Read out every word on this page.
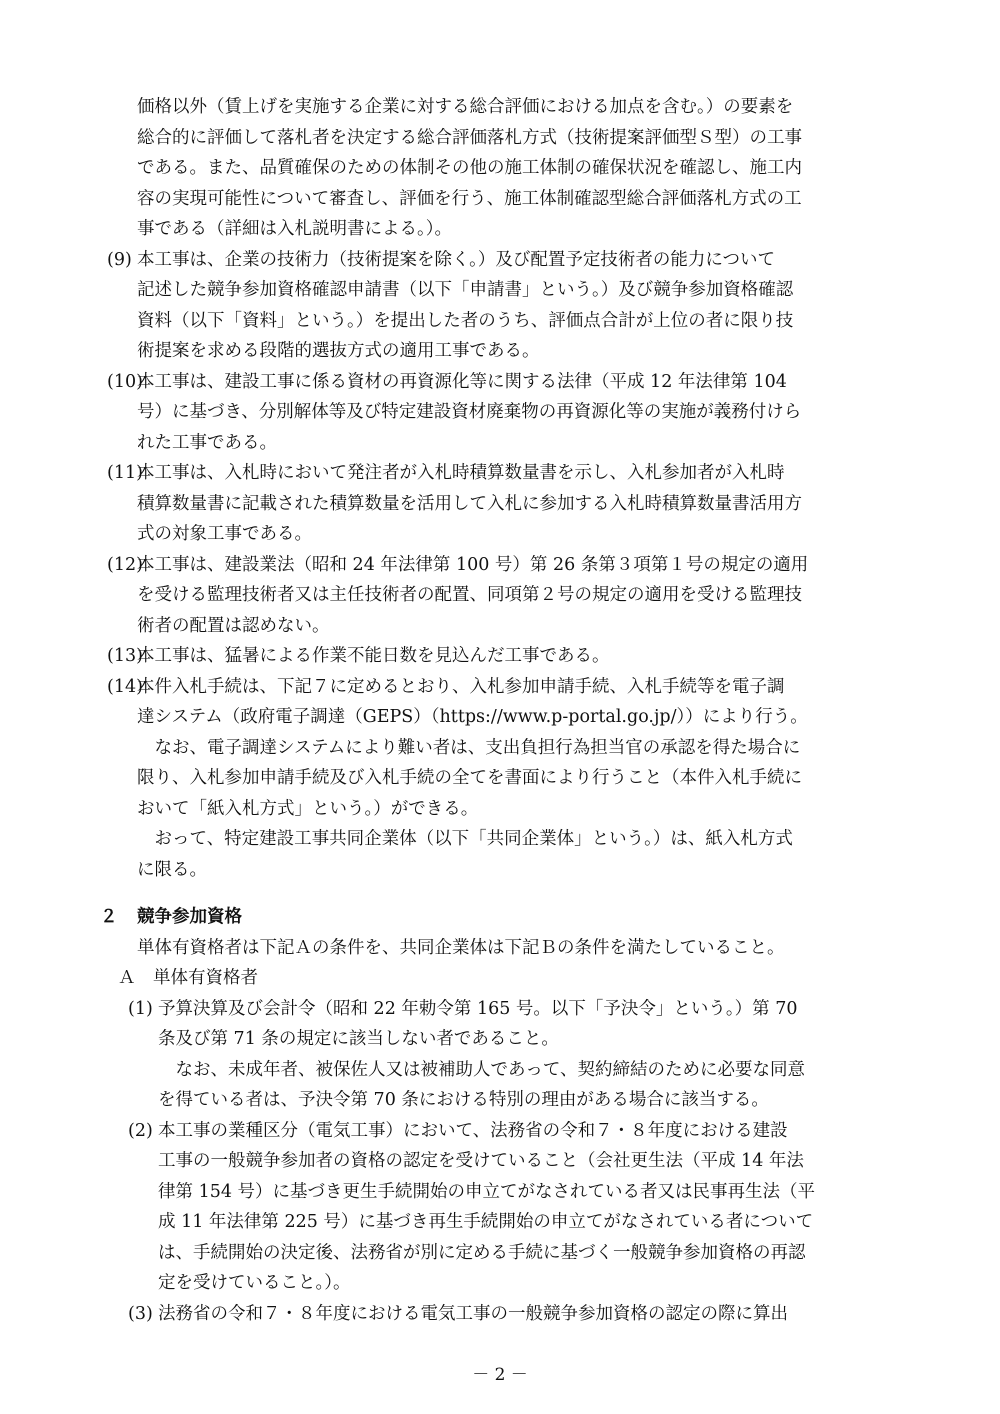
価格以外（賃上げを実施する企業に対する総合評価における加点を含む。）の要素を
総合的に評価して落札者を決定する総合評価落札方式（技術提案評価型Ｓ型）の工事
である。また、品質確保のための体制その他の施工体制の確保状況を確認し、施工内
容の実現可能性について審査し、評価を行う、施工体制確認型総合評価落札方式の工
事である（詳細は入札説明書による。）。
(9) 本工事は、企業の技術力（技術提案を除く。）及び配置予定技術者の能力について
記述した競争参加資格確認申請書（以下「申請書」という。）及び競争参加資格確認
資料（以下「資料」という。）を提出した者のうち、評価点合計が上位の者に限り技
術提案を求める段階的選抜方式の適用工事である。
(10)
本工事は、建設工事に係る資材の再資源化等に関する法律（平成 12 年法律第 104
号）に基づき、分別解体等及び特定建設資材廃棄物の再資源化等の実施が義務付けら
れた工事である。
(11)
本工事は、入札時において発注者が入札時積算数量書を示し、入札参加者が入札時
積算数量書に記載された積算数量を活用して入札に参加する入札時積算数量書活用方
式の対象工事である。
(12)
本工事は、建設業法（昭和 24 年法律第 100 号）第 26 条第３項第１号の規定の適用
を受ける監理技術者又は主任技術者の配置、同項第２号の規定の適用を受ける監理技
術者の配置は認めない。
(13)
本工事は、猛暑による作業不能日数を見込んだ工事である。
(14)
本件入札手続は、下記７に定めるとおり、入札参加申請手続、入札手続等を電子調
達システム（政府電子調達（GEPS）（https://www.p-portal.go.jp/））により行う。
　なお、電子調達システムにより難い者は、支出負担行為担当官の承認を得た場合に
限り、入札参加申請手続及び入札手続の全てを書面により行うこと（本件入札手続に
おいて「紙入札方式」という。）ができる。
　おって、特定建設工事共同企業体（以下「共同企業体」という。）は、紙入札方式
に限る。
２ 競争参加資格
単体有資格者は下記Ａの条件を、共同企業体は下記Ｂの条件を満たしていること。
Ａ　単体有資格者
(1) 予算決算及び会計令（昭和 22 年勅令第 165 号。以下「予決令」という。）第 70
条及び第 71 条の規定に該当しない者であること。
　なお、未成年者、被保佐人又は被補助人であって、契約締結のために必要な同意
を得ている者は、予決令第 70 条における特別の理由がある場合に該当する。
(2) 本工事の業種区分（電気工事）において、法務省の令和７・８年度における建設
工事の一般競争参加者の資格の認定を受けていること（会社更生法（平成 14 年法
律第 154 号）に基づき更生手続開始の申立てがなされている者又は民事再生法（平
成 11 年法律第 225 号）に基づき再生手続開始の申立てがなされている者について
は、手続開始の決定後、法務省が別に定める手続に基づく一般競争参加資格の再認
定を受けていること。）。
(3) 法務省の令和７・８年度における電気工事の一般競争参加資格の認定の際に算出
－ 2 －
